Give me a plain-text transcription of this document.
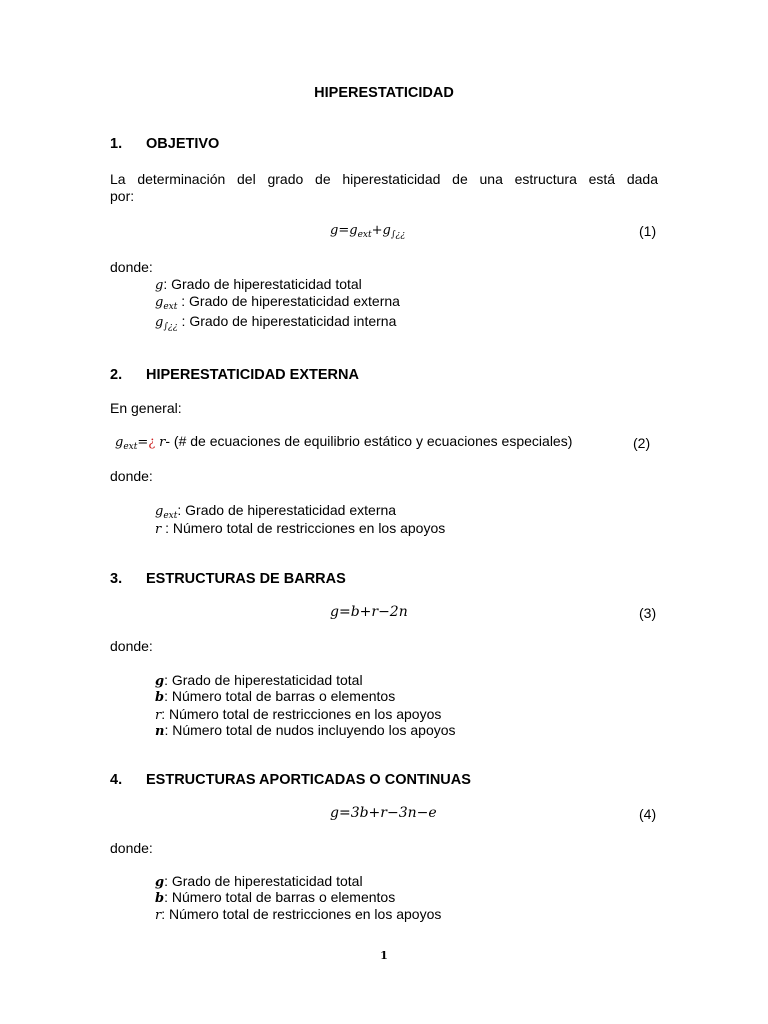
HIPERESTATICIDAD
1. OBJETIVO
La determinación del grado de hiperestaticidad de una estructura está dada
por:
$g=g_{ext}+g_{\int¿¿}$	(1)
donde:
g: Grado de hiperestaticidad total
$g_{ext}$ : Grado de hiperestaticidad externa
$g_{\int¿¿}$ : Grado de hiperestaticidad interna
2. HIPERESTATICIDAD EXTERNA
En general:
$g_{ext}=¿$ r- (# de ecuaciones de equilibrio estático y ecuaciones especiales)	(2)
donde:
$g_{ext}$: Grado de hiperestaticidad externa
r : Número total de restricciones en los apoyos
3. ESTRUCTURAS DE BARRAS
g=b+r−2n	(3)
donde:
g: Grado de hiperestaticidad total
b: Número total de barras o elementos
r: Número total de restricciones en los apoyos
n: Número total de nudos incluyendo los apoyos
4. ESTRUCTURAS APORTICADAS O CONTINUAS
g=3b+r−3n−e	(4)
donde:
g: Grado de hiperestaticidad total
b: Número total de barras o elementos
r: Número total de restricciones en los apoyos
1
